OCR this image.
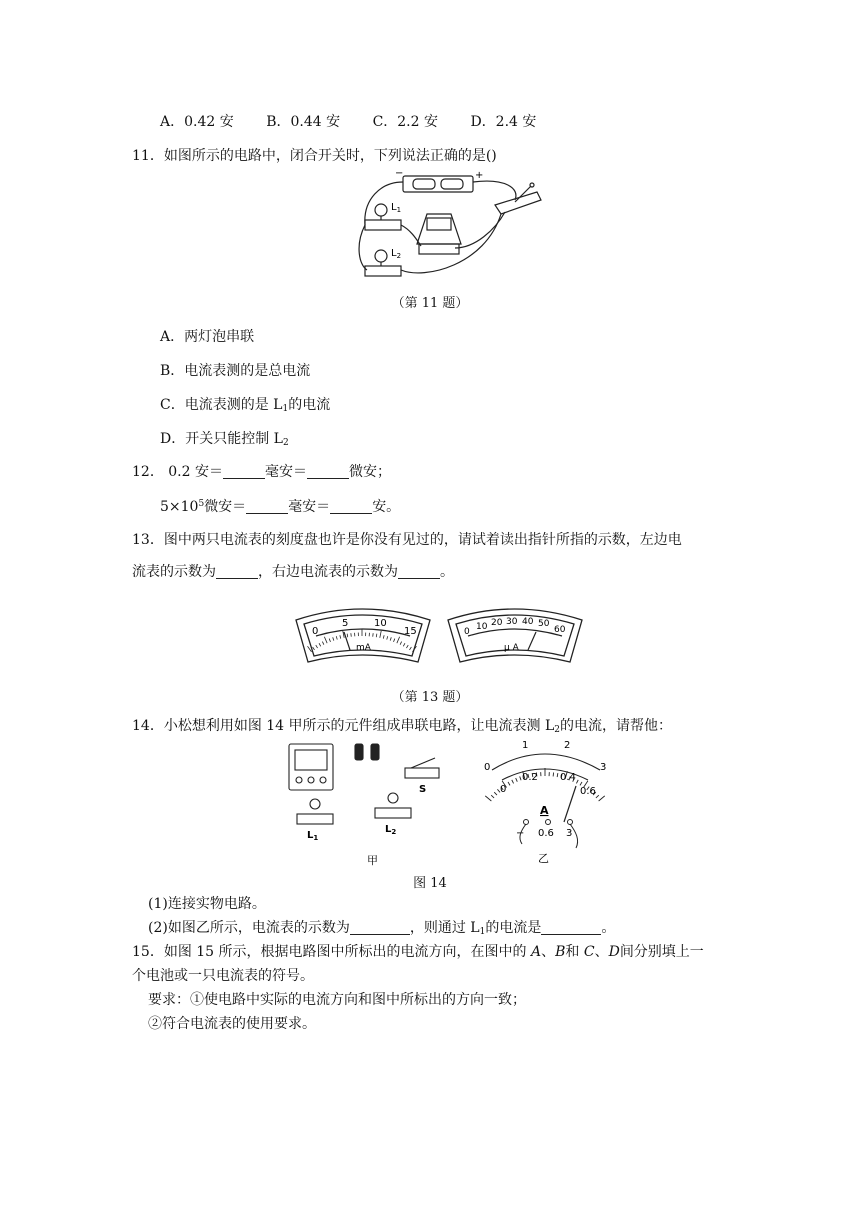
A．0.42 安 B．0.44 安 C．2.2 安 D．2.4 安
11．如图所示的电路中，闭合开关时，下列说法正确的是()
−	+
$L_1$
$L_2$
（第 11 题）
A．两灯泡串联
B．电流表测的是总电流
C．电流表测的是 $L_1$的电流
D．开关只能控制 $L_2$
12． 0.2 安＝	毫安＝	微安；
$5\times 10^5$微安＝	毫安＝	安。
13．图中两只电流表的刻度盘也许是你没有见过的，请试着读出指针所指的示数，左边电
流表的示数为	，右边电流表的示数为	。
0
5	10
15
mA
0 10 20 30 40 50
60
μ A
（第 13 题）
14．小松想利用如图 14 甲所示的元件组成串联电路，让电流表测 $L_2$的电流，请帮他：
S
$L_1$
$L_2$
甲
0
1	2
3
0
0.2 0.4
0.6
A
− 0.6 3
乙
图 14
(1)连接实物电路。
(2)如图乙所示，电流表的示数为	，则通过 $L_1$的电流是	。
15．如图 15 所示，根据电路图中所标出的电流方向，在图中的 A、B和 C、D间分别填上一
个电池或一只电流表的符号。
要求：①使电路中实际的电流方向和图中所标出的方向一致；
②符合电流表的使用要求。
